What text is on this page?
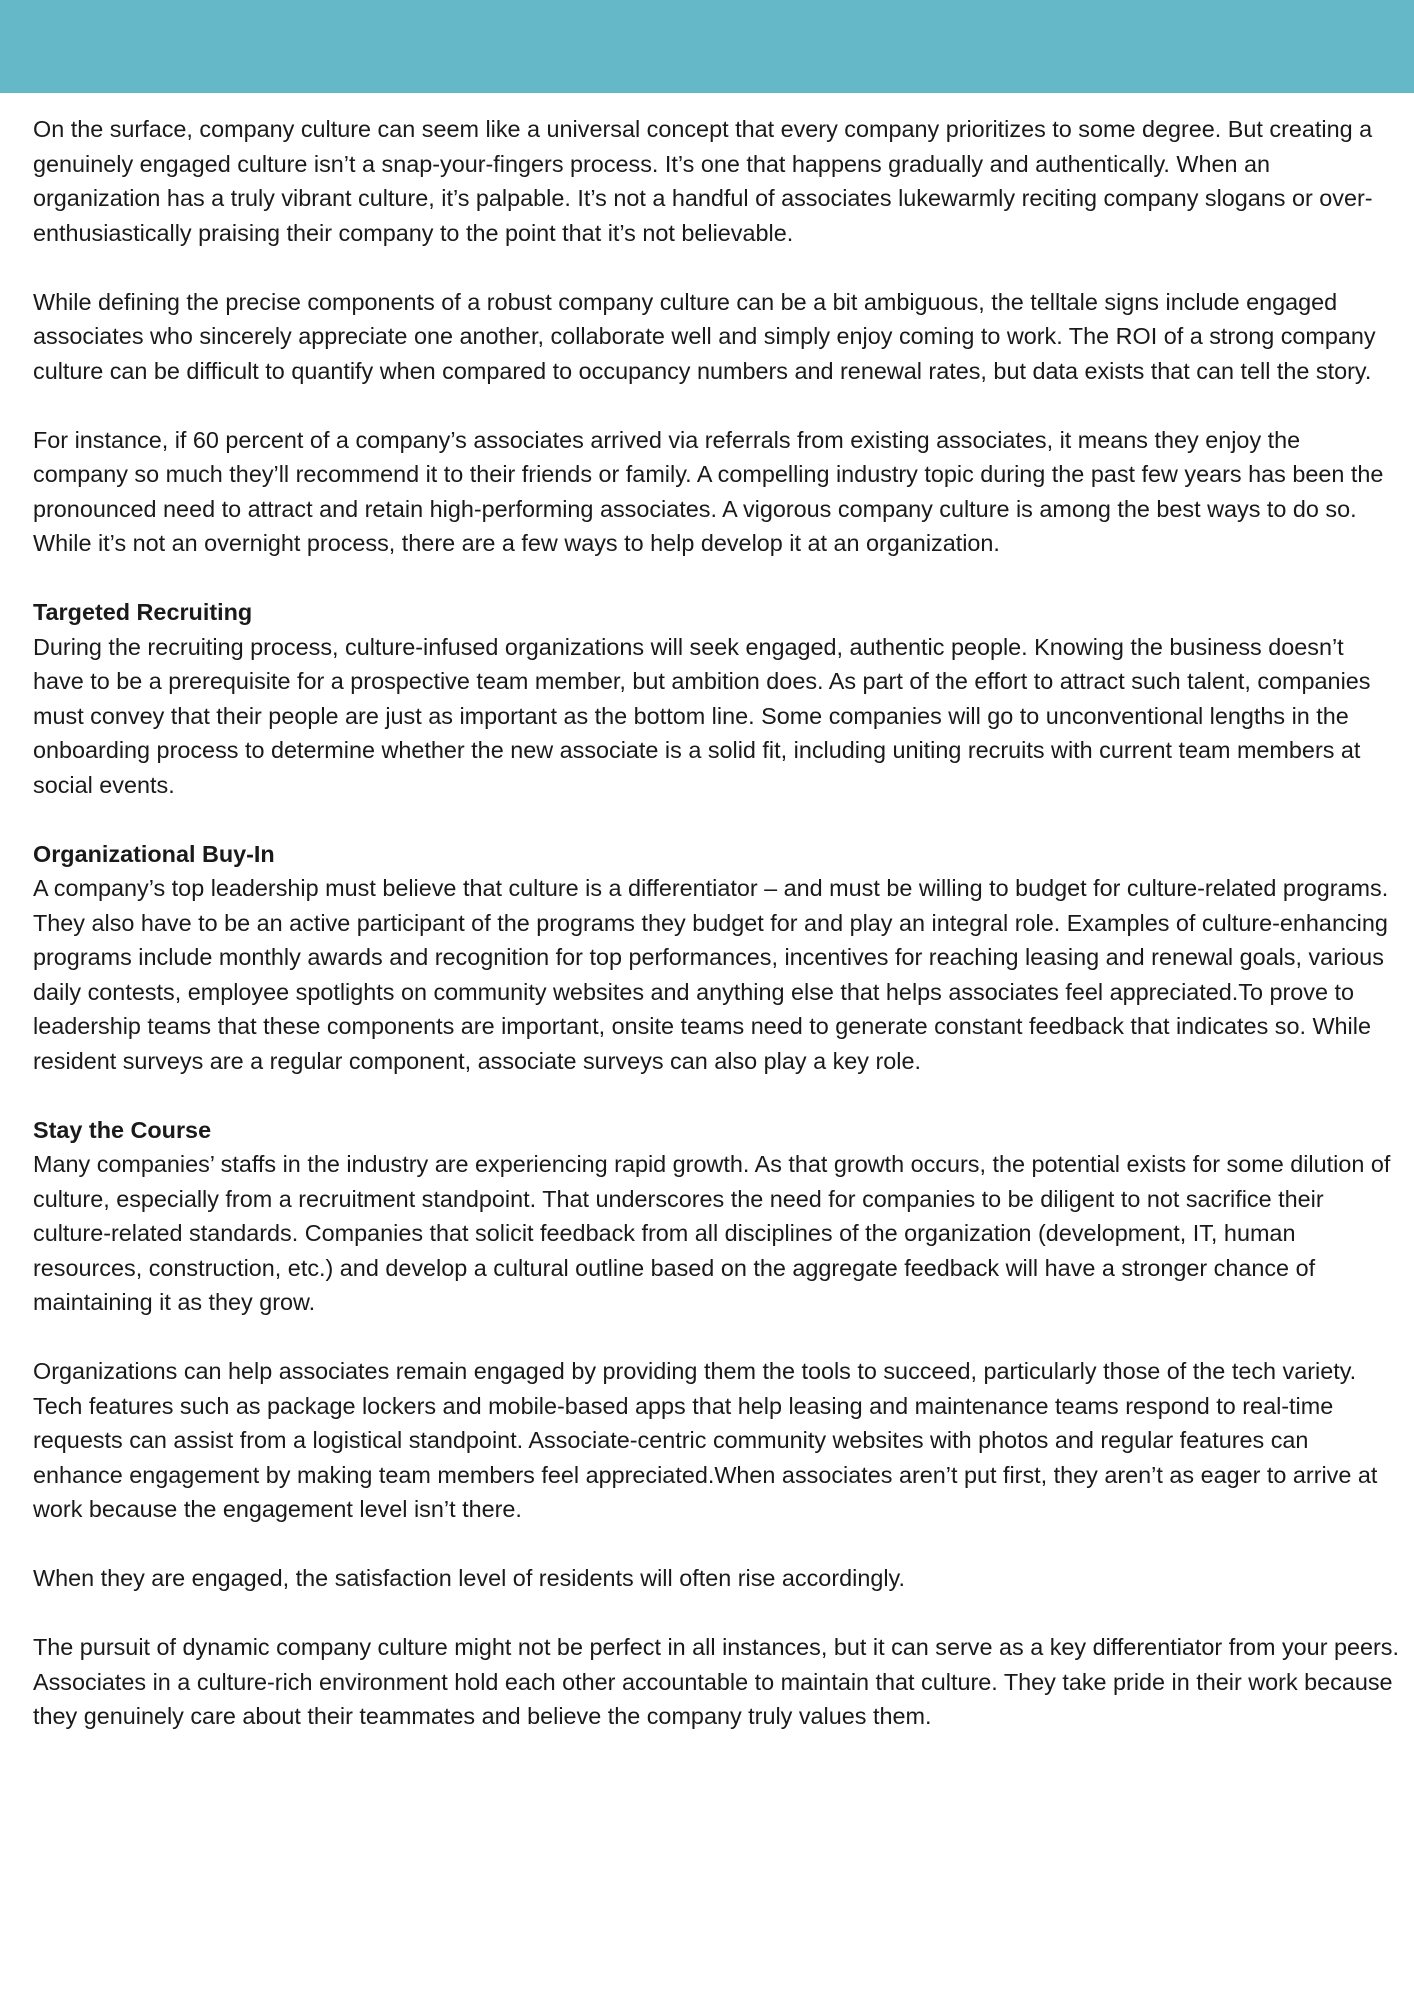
On the surface, company culture can seem like a universal concept that every company prioritizes to some degree. But creating a genuinely engaged culture isn’t a snap-your-fingers process. It’s one that happens gradually and authentically. When an organization has a truly vibrant culture, it’s palpable. It’s not a handful of associates lukewarmly reciting company slogans or over-enthusiastically praising their company to the point that it’s not believable.

While defining the precise components of a robust company culture can be a bit ambiguous, the telltale signs include engaged associates who sincerely appreciate one another, collaborate well and simply enjoy coming to work. The ROI of a strong company culture can be difficult to quantify when compared to occupancy numbers and renewal rates, but data exists that can tell the story.

For instance, if 60 percent of a company’s associates arrived via referrals from existing associates, it means they enjoy the company so much they’ll recommend it to their friends or family. A compelling industry topic during the past few years has been the pronounced need to attract and retain high-performing associates. A vigorous company culture is among the best ways to do so. While it’s not an overnight process, there are a few ways to help develop it at an organization.

Targeted Recruiting

During the recruiting process, culture-infused organizations will seek engaged, authentic people. Knowing the business doesn’t have to be a prerequisite for a prospective team member, but ambition does. As part of the effort to attract such talent, companies must convey that their people are just as important as the bottom line. Some companies will go to unconventional lengths in the onboarding process to determine whether the new associate is a solid fit, including uniting recruits with current team members at social events.

Organizational Buy-In

A company’s top leadership must believe that culture is a differentiator – and must be willing to budget for culture-related programs. They also have to be an active participant of the programs they budget for and play an integral role. Examples of culture-enhancing programs include monthly awards and recognition for top performances, incentives for reaching leasing and renewal goals, various daily contests, employee spotlights on community websites and anything else that helps associates feel appreciated.To prove to leadership teams that these components are important, onsite teams need to generate constant feedback that indicates so. While resident surveys are a regular component, associate surveys can also play a key role.

Stay the Course

Many companies’ staffs in the industry are experiencing rapid growth. As that growth occurs, the potential exists for some dilution of culture, especially from a recruitment standpoint. That underscores the need for companies to be diligent to not sacrifice their culture-related standards. Companies that solicit feedback from all disciplines of the organization (development, IT, human resources, construction, etc.) and develop a cultural outline based on the aggregate feedback will have a stronger chance of maintaining it as they grow.

Organizations can help associates remain engaged by providing them the tools to succeed, particularly those of the tech variety. Tech features such as package lockers and mobile-based apps that help leasing and maintenance teams respond to real-time requests can assist from a logistical standpoint. Associate-centric community websites with photos and regular features can enhance engagement by making team members feel appreciated.When associates aren’t put first, they aren’t as eager to arrive at work because the engagement level isn’t there.

When they are engaged, the satisfaction level of residents will often rise accordingly.

The pursuit of dynamic company culture might not be perfect in all instances, but it can serve as a key differentiator from your peers. Associates in a culture-rich environment hold each other accountable to maintain that culture. They take pride in their work because they genuinely care about their teammates and believe the company truly values them.
